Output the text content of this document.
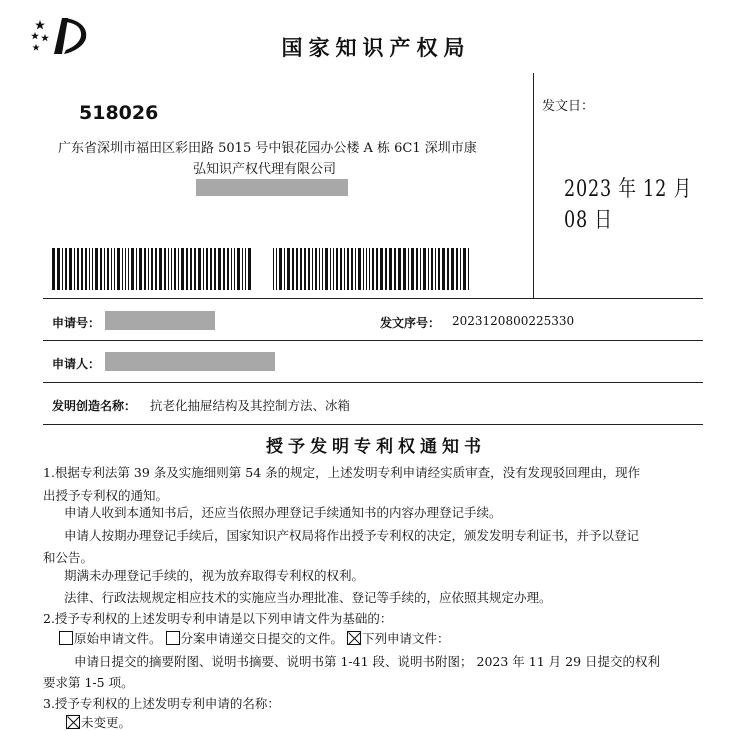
国家知识产权局
518026
广东省深圳市福田区彩田路 5015 号中银花园办公楼 A 栋 6C1 深圳市康
弘知识产权代理有限公司
发文日：
2023 年 12 月 08 日
申请号：	发文序号： 2023120800225330
申请人：
发明创造名称： 抗老化抽屉结构及其控制方法、冰箱
授予发明专利权通知书
1.根据专利法第 39 条及实施细则第 54 条的规定，上述发明专利申请经实质审查，没有发现驳回理由，现作
出授予专利权的通知。
申请人收到本通知书后，还应当依照办理登记手续通知书的内容办理登记手续。
申请人按期办理登记手续后，国家知识产权局将作出授予专利权的决定，颁发发明专利证书，并予以登记
和公告。
期满未办理登记手续的，视为放弃取得专利权的权利。
法律、行政法规规定相应技术的实施应当办理批准、登记等手续的，应依照其规定办理。
2.授予专利权的上述发明专利申请是以下列申请文件为基础的：
原始申请文件。 分案申请递交日提交的文件。 下列申请文件：
申请日提交的摘要附图、说明书摘要、说明书第 1-41 段、说明书附图； 2023 年 11 月 29 日提交的权利
要求第 1-5 项。
3.授予专利权的上述发明专利申请的名称：
未变更。
